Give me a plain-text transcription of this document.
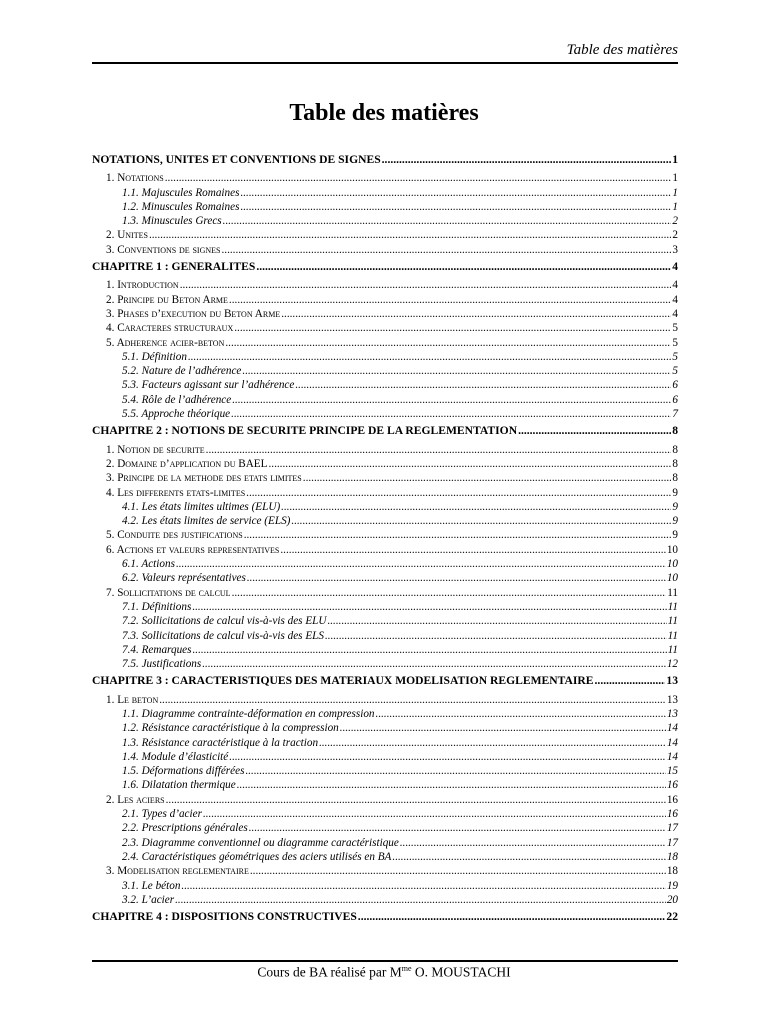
Table des matières
Table des matières
NOTATIONS, UNITES ET CONVENTIONS DE SIGNES .....	1
1. Notations .....	1
1.1. Majuscules Romaines .....	1
1.2. Minuscules Romaines .....	1
1.3. Minuscules Grecs .....	2
2. Unites .....	2
3. Conventions de signes .....	3
CHAPITRE 1 : GENERALITES .....	4
1. Introduction .....	4
2. Principe du Beton Arme .....	4
3. Phases d’execution du Beton Arme .....	4
4. Caracteres structuraux .....	5
5. Adherence acier-beton .....	5
5.1. Définition .....	5
5.2. Nature de l’adhérence .....	5
5.3. Facteurs agissant sur l’adhérence .....	6
5.4. Rôle de l’adhérence .....	6
5.5. Approche théorique .....	7
CHAPITRE 2 : NOTIONS DE SECURITE PRINCIPE DE LA REGLEMENTATION .....	8
1. Notion de securite .....	8
2. Domaine d’application du BAEL .....	8
3. Principe de la methode des etats limites .....	8
4. Les differents etats-limites .....	9
4.1. Les états limites ultimes (ELU) .....	9
4.2. Les états limites de service (ELS) .....	9
5. Conduite des justifications .....	9
6. Actions et valeurs representatives .....	10
6.1. Actions .....	10
6.2. Valeurs représentatives .....	10
7. Sollicitations de calcul .....	11
7.1. Définitions .....	11
7.2. Sollicitations de calcul vis-à-vis des ELU .....	11
7.3. Sollicitations de calcul vis-à-vis des ELS .....	11
7.4. Remarques .....	11
7.5. Justifications .....	12
CHAPITRE 3 : CARACTERISTIQUES DES MATERIAUX MODELISATION REGLEMENTAIRE .....	13
1. Le beton .....	13
1.1. Diagramme contrainte-déformation en compression .....	13
1.2. Résistance caractéristique à la compression .....	14
1.3. Résistance caractéristique à la traction .....	14
1.4. Module d’élasticité .....	14
1.5. Déformations différées .....	15
1.6. Dilatation thermique .....	16
2. Les aciers .....	16
2.1. Types d’acier .....	16
2.2. Prescriptions générales .....	17
2.3. Diagramme conventionnel ou diagramme caractéristique .....	17
2.4. Caractéristiques géométriques des aciers utilisés en BA .....	18
3. Modelisation reglementaire .....	18
3.1. Le béton .....	19
3.2. L’acier .....	20
CHAPITRE 4 : DISPOSITIONS CONSTRUCTIVES .....	22
Cours de BA réalisé par $M^{me}$ O. MOUSTACHI
